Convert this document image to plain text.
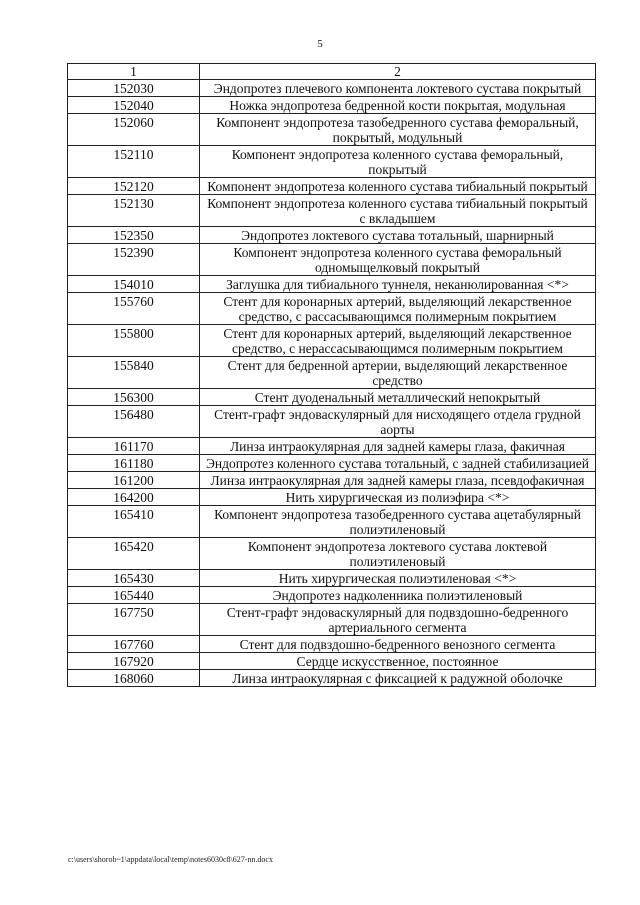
5
1	2
152030	Эндопротез плечевого компонента локтевого сустава покрытый
152040	Ножка эндопротеза бедренной кости покрытая, модульная
152060	Компонент эндопротеза тазобедренного сустава феморальный, покрытый, модульный
152110	Компонент эндопротеза коленного сустава феморальный, покрытый
152120	Компонент эндопротеза коленного сустава тибиальный покрытый
152130	Компонент эндопротеза коленного сустава тибиальный покрытый с вкладышем
152350	Эндопротез локтевого сустава тотальный, шарнирный
152390	Компонент эндопротеза коленного сустава феморальный одномыщелковый покрытый
154010	Заглушка для тибиального туннеля, неканюлированная <*>
155760	Стент для коронарных артерий, выделяющий лекарственное средство, с рассасывающимся полимерным покрытием
155800	Стент для коронарных артерий, выделяющий лекарственное средство, с нерассасывающимся полимерным покрытием
155840	Стент для бедренной артерии, выделяющий лекарственное средство
156300	Стент дуоденальный металлический непокрытый
156480	Стент-графт эндоваскулярный для нисходящего отдела грудной аорты
161170	Линза интраокулярная для задней камеры глаза, факичная
161180	Эндопротез коленного сустава тотальный, с задней стабилизацией
161200	Линза интраокулярная для задней камеры глаза, псевдофакичная
164200	Нить хирургическая из полиэфира <*>
165410	Компонент эндопротеза тазобедренного сустава ацетабулярный полиэтиленовый
165420	Компонент эндопротеза локтевого сустава локтевой полиэтиленовый
165430	Нить хирургическая полиэтиленовая <*>
165440	Эндопротез надколенника полиэтиленовый
167750	Стент-графт эндоваскулярный для подвздошно-бедренного артериального сегмента
167760	Стент для подвздошно-бедренного венозного сегмента
167920	Сердце искусственное, постоянное
168060	Линза интраокулярная с фиксацией к радужной оболочке
c:\users\shorob~1\appdata\local\temp\notes6030c8\627-nn.docx
